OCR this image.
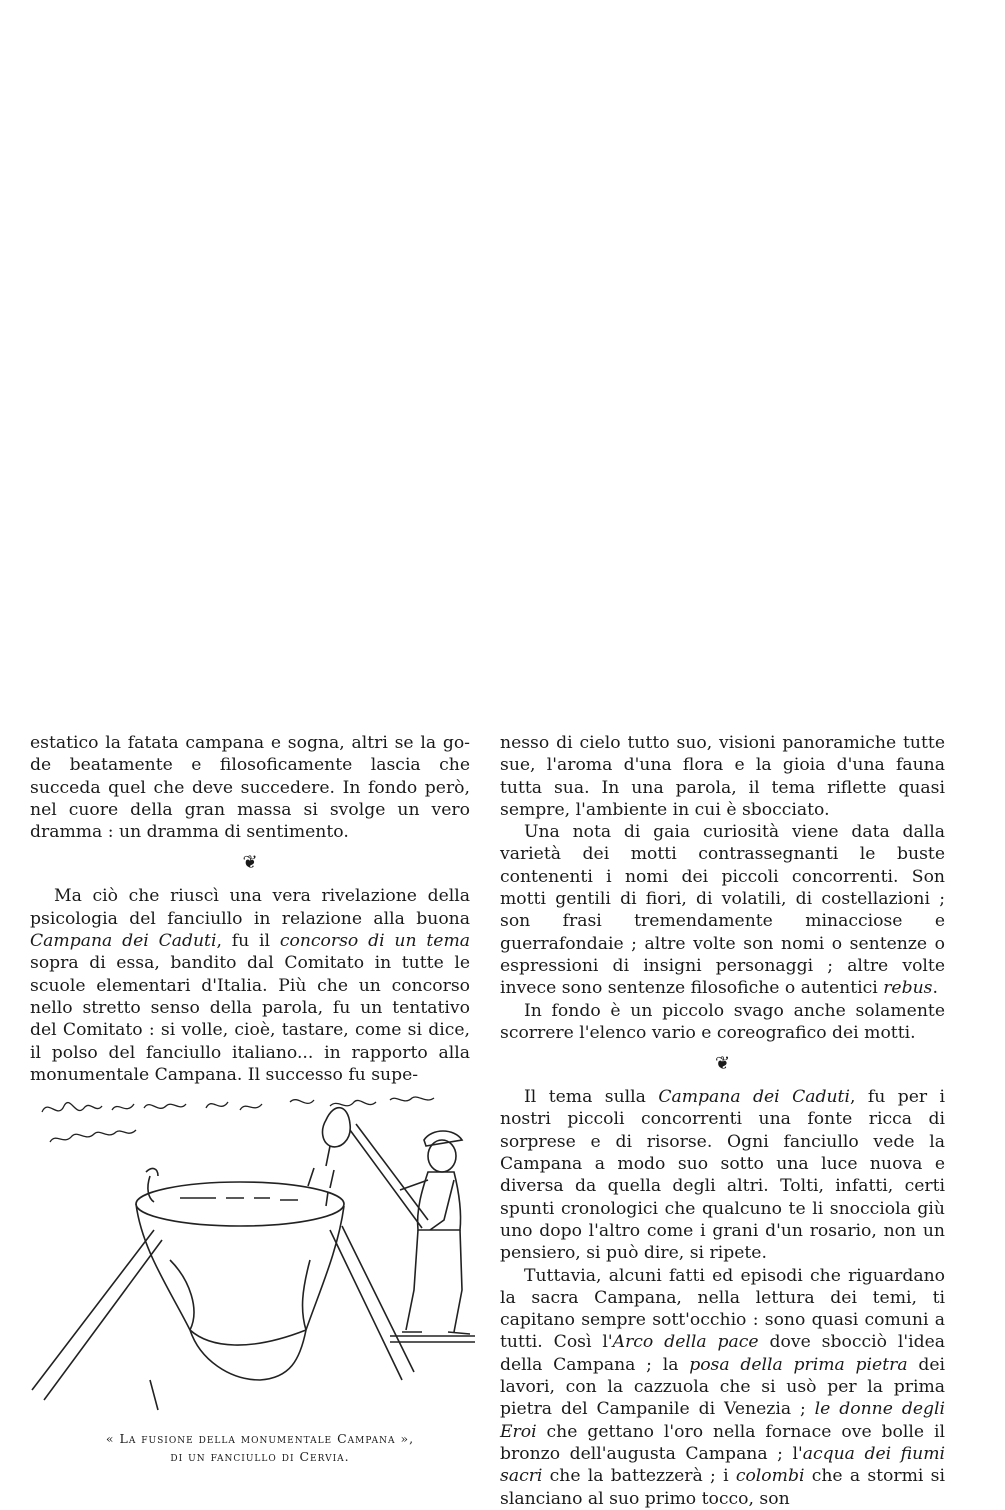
estatico la fatata campana e sogna, altri se la go-de beatamente e filosoficamente lascia che succeda quel che deve succedere. In fondo però, nel cuore della gran massa si svolge un vero dramma : un dramma di sentimento.

❦

Ma ciò che riuscì una vera rivelazione della psicologia del fanciullo in relazione alla buona Campana dei Caduti, fu il concorso di un tema sopra di essa, bandito dal Comitato in tutte le scuole elementari d'Italia. Più che un concorso nello stretto senso della parola, fu un tentativo del Comitato : si volle, cioè, tastare, come si dice, il polso del fanciullo italiano... in rapporto alla monumentale Campana. Il successo fu supe-

nesso di cielo tutto suo, visioni panoramiche tutte sue, l'aroma d'una flora e la gioia d'una fauna tutta sua. In una parola, il tema riflette quasi sempre, l'ambiente in cui è sbocciato.

Una nota di gaia curiosità viene data dalla varietà dei motti contrassegnanti le buste contenenti i nomi dei piccoli concorrenti. Son motti gentili di fiori, di volatili, di costellazioni ; son frasi tremendamente minacciose e guerrafondaie ; altre volte son nomi o sentenze o espressioni di insigni personaggi ; altre volte invece sono sentenze filosofiche o autentici rebus.

In fondo è un piccolo svago anche solamente scorrere l'elenco vario e coreografico dei motti.

❦

Il tema sulla Campana dei Caduti, fu per i nostri piccoli concorrenti una fonte ricca di sorprese e di risorse. Ogni fanciullo vede la Campana a modo suo sotto una luce nuova e diversa da quella degli altri. Tolti, infatti, certi spunti cronologici che qualcuno te li snocciola giù uno dopo l'altro come i grani d'un rosario, non un pensiero, si può dire, si ripete.

Tuttavia, alcuni fatti ed episodi che riguardano la sacra Campana, nella lettura dei temi, ti capitano sempre sott'occhio : sono quasi comuni a tutti. Così l'Arco della pace dove sbocciò l'idea della Campana ; la posa della prima pietra dei lavori, con la cazzuola che si usò per la prima pietra del Campanile di Venezia ; le donne degli Eroi che gettano l'oro nella fornace ove bolle il bronzo dell'augusta Campana ; l'acqua dei fiumi sacri che la battezzerà ; i colombi che a stormi si slanciano al suo primo tocco, son

« La fusione della monumentale Campana »,
di un fanciullo di Cervia.
